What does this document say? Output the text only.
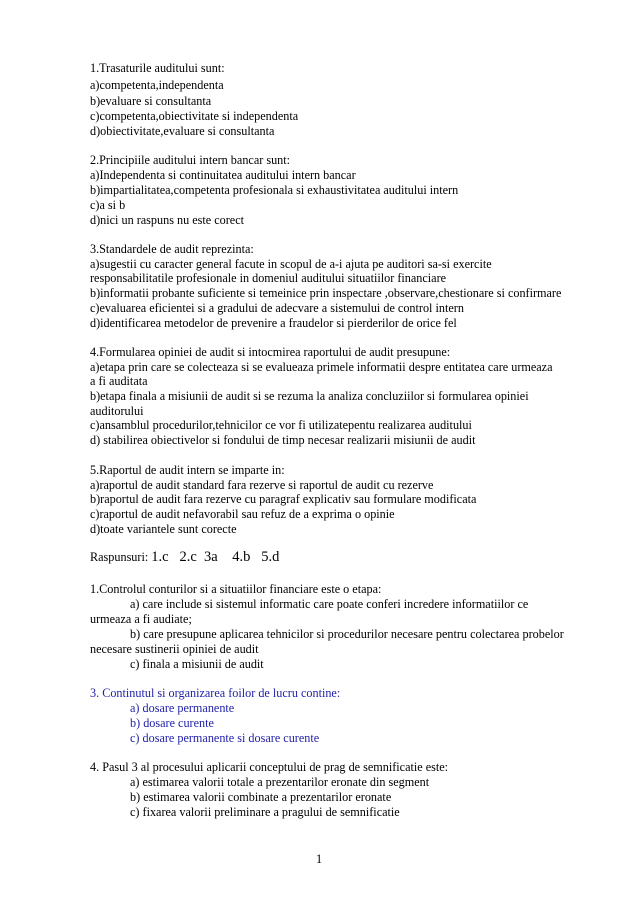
1.Trasaturile auditului sunt:

a)competenta,independenta

b)evaluare si consultanta

c)competenta,obiectivitate si independenta

d)obiectivitate,evaluare si consultanta

2.Principiile auditului intern bancar sunt:

a)Independenta si continuitatea auditului intern bancar

b)impartialitatea,competenta profesionala si exhaustivitatea auditului intern

c)a si b

d)nici un raspuns nu este corect

3.Standardele de audit reprezinta:

a)sugestii cu caracter general facute in scopul de a-i ajuta pe auditori sa-si exercite

responsabilitatile profesionale in domeniul auditului situatiilor financiare

b)informatii probante suficiente si temeinice prin inspectare ,observare,chestionare si confirmare

c)evaluarea eficientei si a gradului de adecvare a sistemului de control intern

d)identificarea metodelor de prevenire a fraudelor si pierderilor de orice fel

4.Formularea opiniei de audit si intocmirea raportului de audit presupune:

a)etapa prin care se colecteaza si se evalueaza primele informatii despre entitatea care urmeaza

a fi auditata

b)etapa finala a misiunii de audit si se rezuma la analiza concluziilor si formularea opiniei

auditorului

c)ansamblul procedurilor,tehnicilor ce vor fi utilizatepentu realizarea auditului

d) stabilirea obiectivelor si fondului de timp necesar realizarii misiunii de audit

5.Raportul de audit intern se imparte in:

a)raportul de audit standard fara rezerve si raportul de audit cu rezerve

b)raportul de audit fara rezerve cu paragraf explicativ sau formulare modificata

c)raportul de audit nefavorabil sau refuz de a exprima o opinie

d)toate variantele sunt corecte

Raspunsuri: 1.c   2.c  3a    4.b   5.d

1.Controlul conturilor si a situatiilor financiare este o etapa:

a) care include si sistemul informatic care poate conferi incredere informatiilor ce

urmeaza a fi audiate;

b) care presupune aplicarea tehnicilor si procedurilor necesare pentru colectarea probelor

necesare sustinerii opiniei de audit

c) finala a misiunii de audit

3. Continutul si organizarea foilor de lucru contine:

a) dosare permanente

b) dosare curente

c) dosare permanente si dosare curente

4. Pasul 3 al procesului aplicarii conceptului de prag de semnificatie este:

a) estimarea valorii totale a prezentarilor eronate din segment

b) estimarea valorii combinate a prezentarilor eronate

c) fixarea valorii preliminare a pragului de semnificatie

1
